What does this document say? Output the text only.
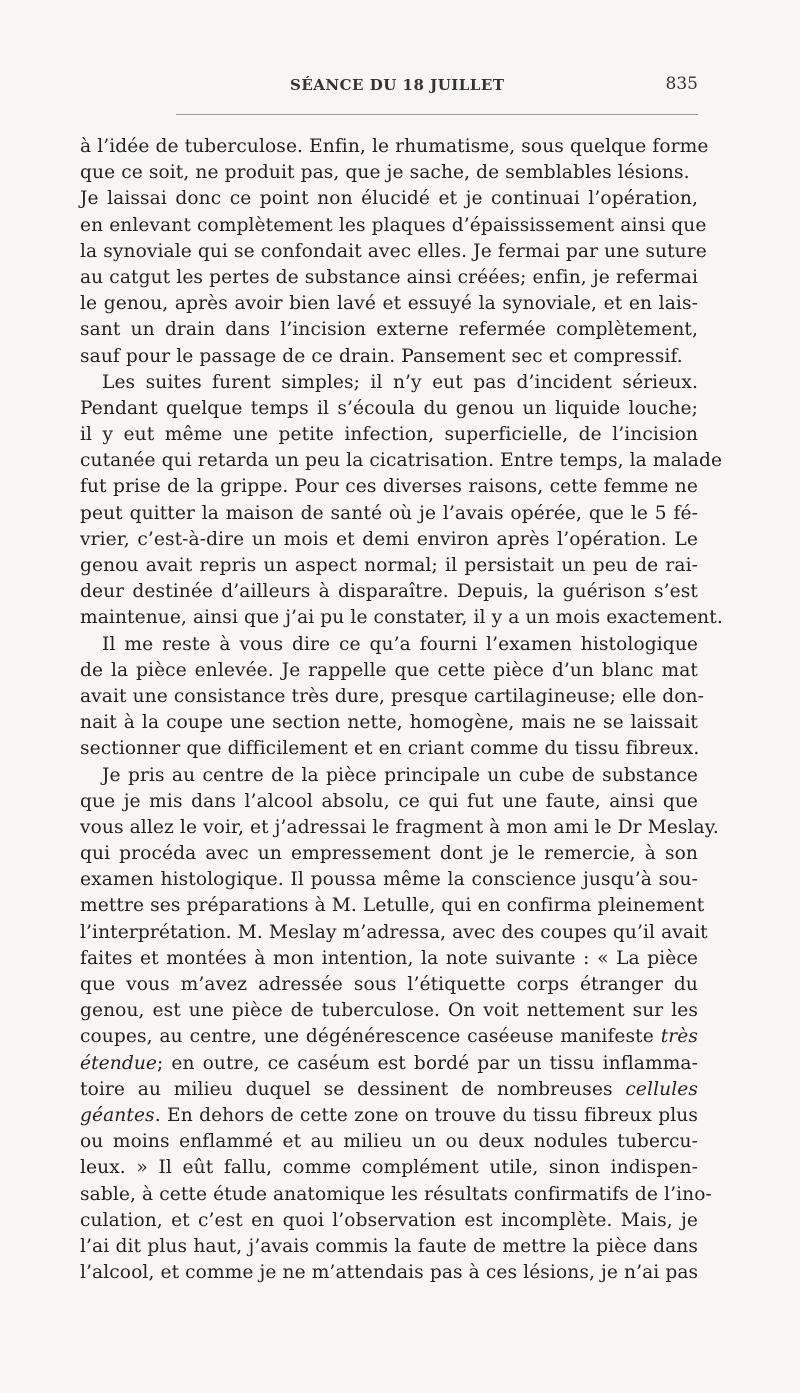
SÉANCE DU 18 JUILLET	835
à l’idée de tuberculose. Enfin, le rhumatisme, sous quelque forme
que ce soit, ne produit pas, que je sache, de semblables lésions.
Je laissai donc ce point non élucidé et je continuai l’opération,
en enlevant complètement les plaques d’épaississement ainsi que
la synoviale qui se confondait avec elles. Je fermai par une suture
au catgut les pertes de substance ainsi créées; enfin, je refermai
le genou, après avoir bien lavé et essuyé la synoviale, et en lais-
sant un drain dans l’incision externe refermée complètement,
sauf pour le passage de ce drain. Pansement sec et compressif.
Les suites furent simples; il n’y eut pas d’incident sérieux.
Pendant quelque temps il s’écoula du genou un liquide louche;
il y eut même une petite infection, superficielle, de l’incision
cutanée qui retarda un peu la cicatrisation. Entre temps, la malade
fut prise de la grippe. Pour ces diverses raisons, cette femme ne
peut quitter la maison de santé où je l’avais opérée, que le 5 fé-
vrier, c’est-à-dire un mois et demi environ après l’opération. Le
genou avait repris un aspect normal; il persistait un peu de rai-
deur destinée d’ailleurs à disparaître. Depuis, la guérison s’est
maintenue, ainsi que j’ai pu le constater, il y a un mois exactement.
Il me reste à vous dire ce qu’a fourni l’examen histologique
de la pièce enlevée. Je rappelle que cette pièce d’un blanc mat
avait une consistance très dure, presque cartilagineuse; elle don-
nait à la coupe une section nette, homogène, mais ne se laissait
sectionner que difficilement et en criant comme du tissu fibreux.
Je pris au centre de la pièce principale un cube de substance
que je mis dans l’alcool absolu, ce qui fut une faute, ainsi que
vous allez le voir, et j’adressai le fragment à mon ami le Dr Meslay.
qui procéda avec un empressement dont je le remercie, à son
examen histologique. Il poussa même la conscience jusqu’à sou-
mettre ses préparations à M. Letulle, qui en confirma pleinement
l’interprétation. M. Meslay m’adressa, avec des coupes qu’il avait
faites et montées à mon intention, la note suivante : « La pièce
que vous m’avez adressée sous l’étiquette corps étranger du
genou, est une pièce de tuberculose. On voit nettement sur les
coupes, au centre, une dégénérescence caséeuse manifeste très
étendue; en outre, ce caséum est bordé par un tissu inflamma-
toire au milieu duquel se dessinent de nombreuses cellules
géantes. En dehors de cette zone on trouve du tissu fibreux plus
ou moins enflammé et au milieu un ou deux nodules tubercu-
leux. » Il eût fallu, comme complément utile, sinon indispen-
sable, à cette étude anatomique les résultats confirmatifs de l’ino-
culation, et c’est en quoi l’observation est incomplète. Mais, je
l’ai dit plus haut, j’avais commis la faute de mettre la pièce dans
l’alcool, et comme je ne m’attendais pas à ces lésions, je n’ai pas
